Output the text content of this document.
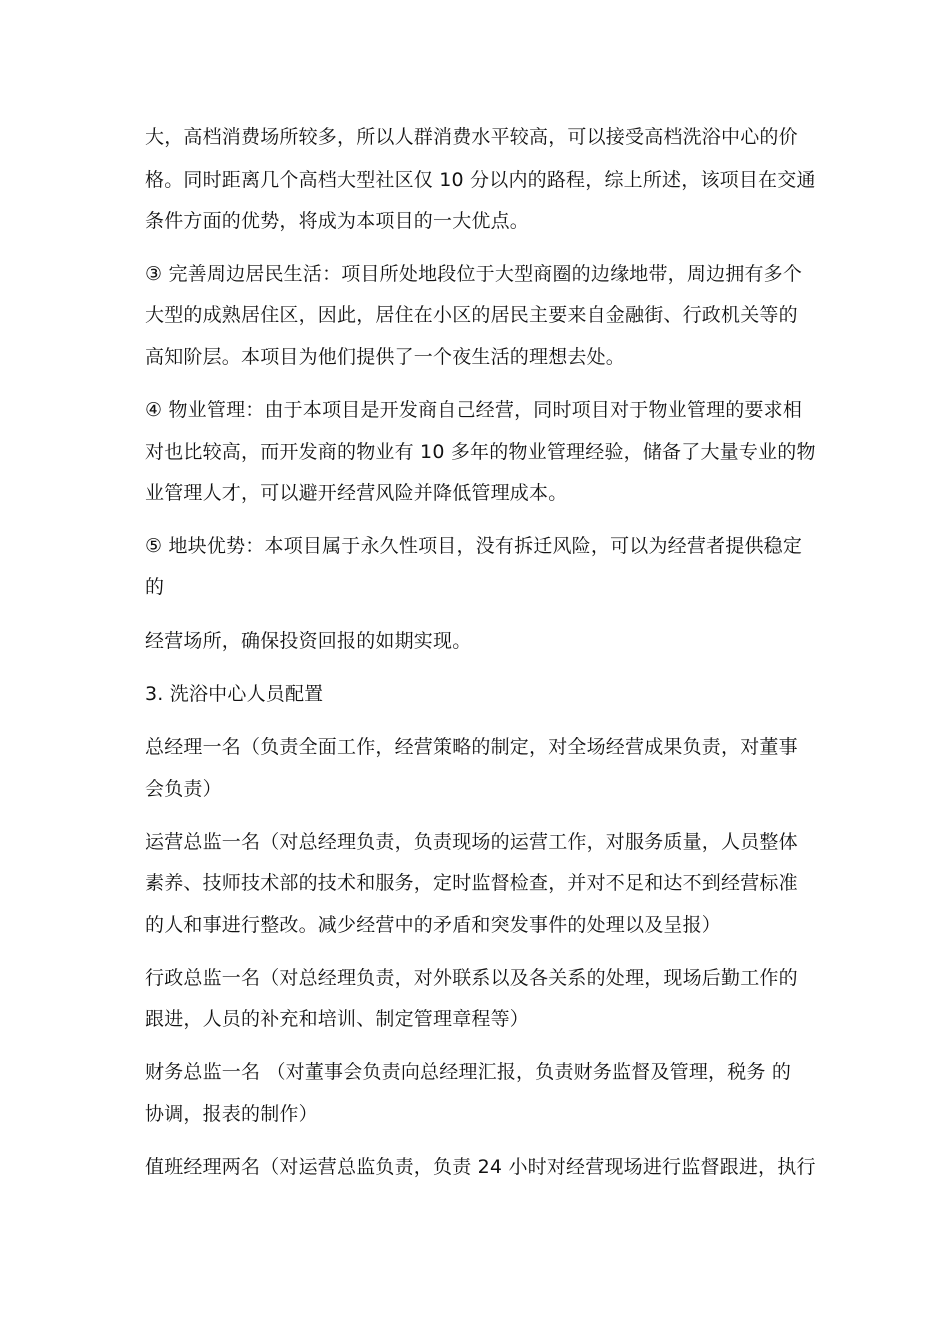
大，高档消费场所较多，所以人群消费水平较高，可以接受高档洗浴中心的价
格。同时距离几个高档大型社区仅 10 分以内的路程，综上所述，该项目在交通
条件方面的优势，将成为本项目的一大优点。
③ 完善周边居民生活：项目所处地段位于大型商圈的边缘地带，周边拥有多个
大型的成熟居住区，因此，居住在小区的居民主要来自金融街、行政机关等的
高知阶层。本项目为他们提供了一个夜生活的理想去处。
④ 物业管理：由于本项目是开发商自己经营，同时项目对于物业管理的要求相
对也比较高，而开发商的物业有 10 多年的物业管理经验，储备了大量专业的物
业管理人才，可以避开经营风险并降低管理成本。
⑤ 地块优势：本项目属于永久性项目，没有拆迁风险，可以为经营者提供稳定
的
经营场所，确保投资回报的如期实现。
3. 洗浴中心人员配置
总经理一名（负责全面工作，经营策略的制定，对全场经营成果负责，对董事
会负责）
运营总监一名（对总经理负责，负责现场的运营工作，对服务质量，人员整体
素养、技师技术部的技术和服务，定时监督检查，并对不足和达不到经营标准
的人和事进行整改。减少经营中的矛盾和突发事件的处理以及呈报）
行政总监一名（对总经理负责，对外联系以及各关系的处理，现场后勤工作的
跟进，人员的补充和培训、制定管理章程等）
财务总监一名 （对董事会负责向总经理汇报，负责财务监督及管理，税务 的
协调，报表的制作）
值班经理两名（对运营总监负责，负责 24 小时对经营现场进行监督跟进，执行
